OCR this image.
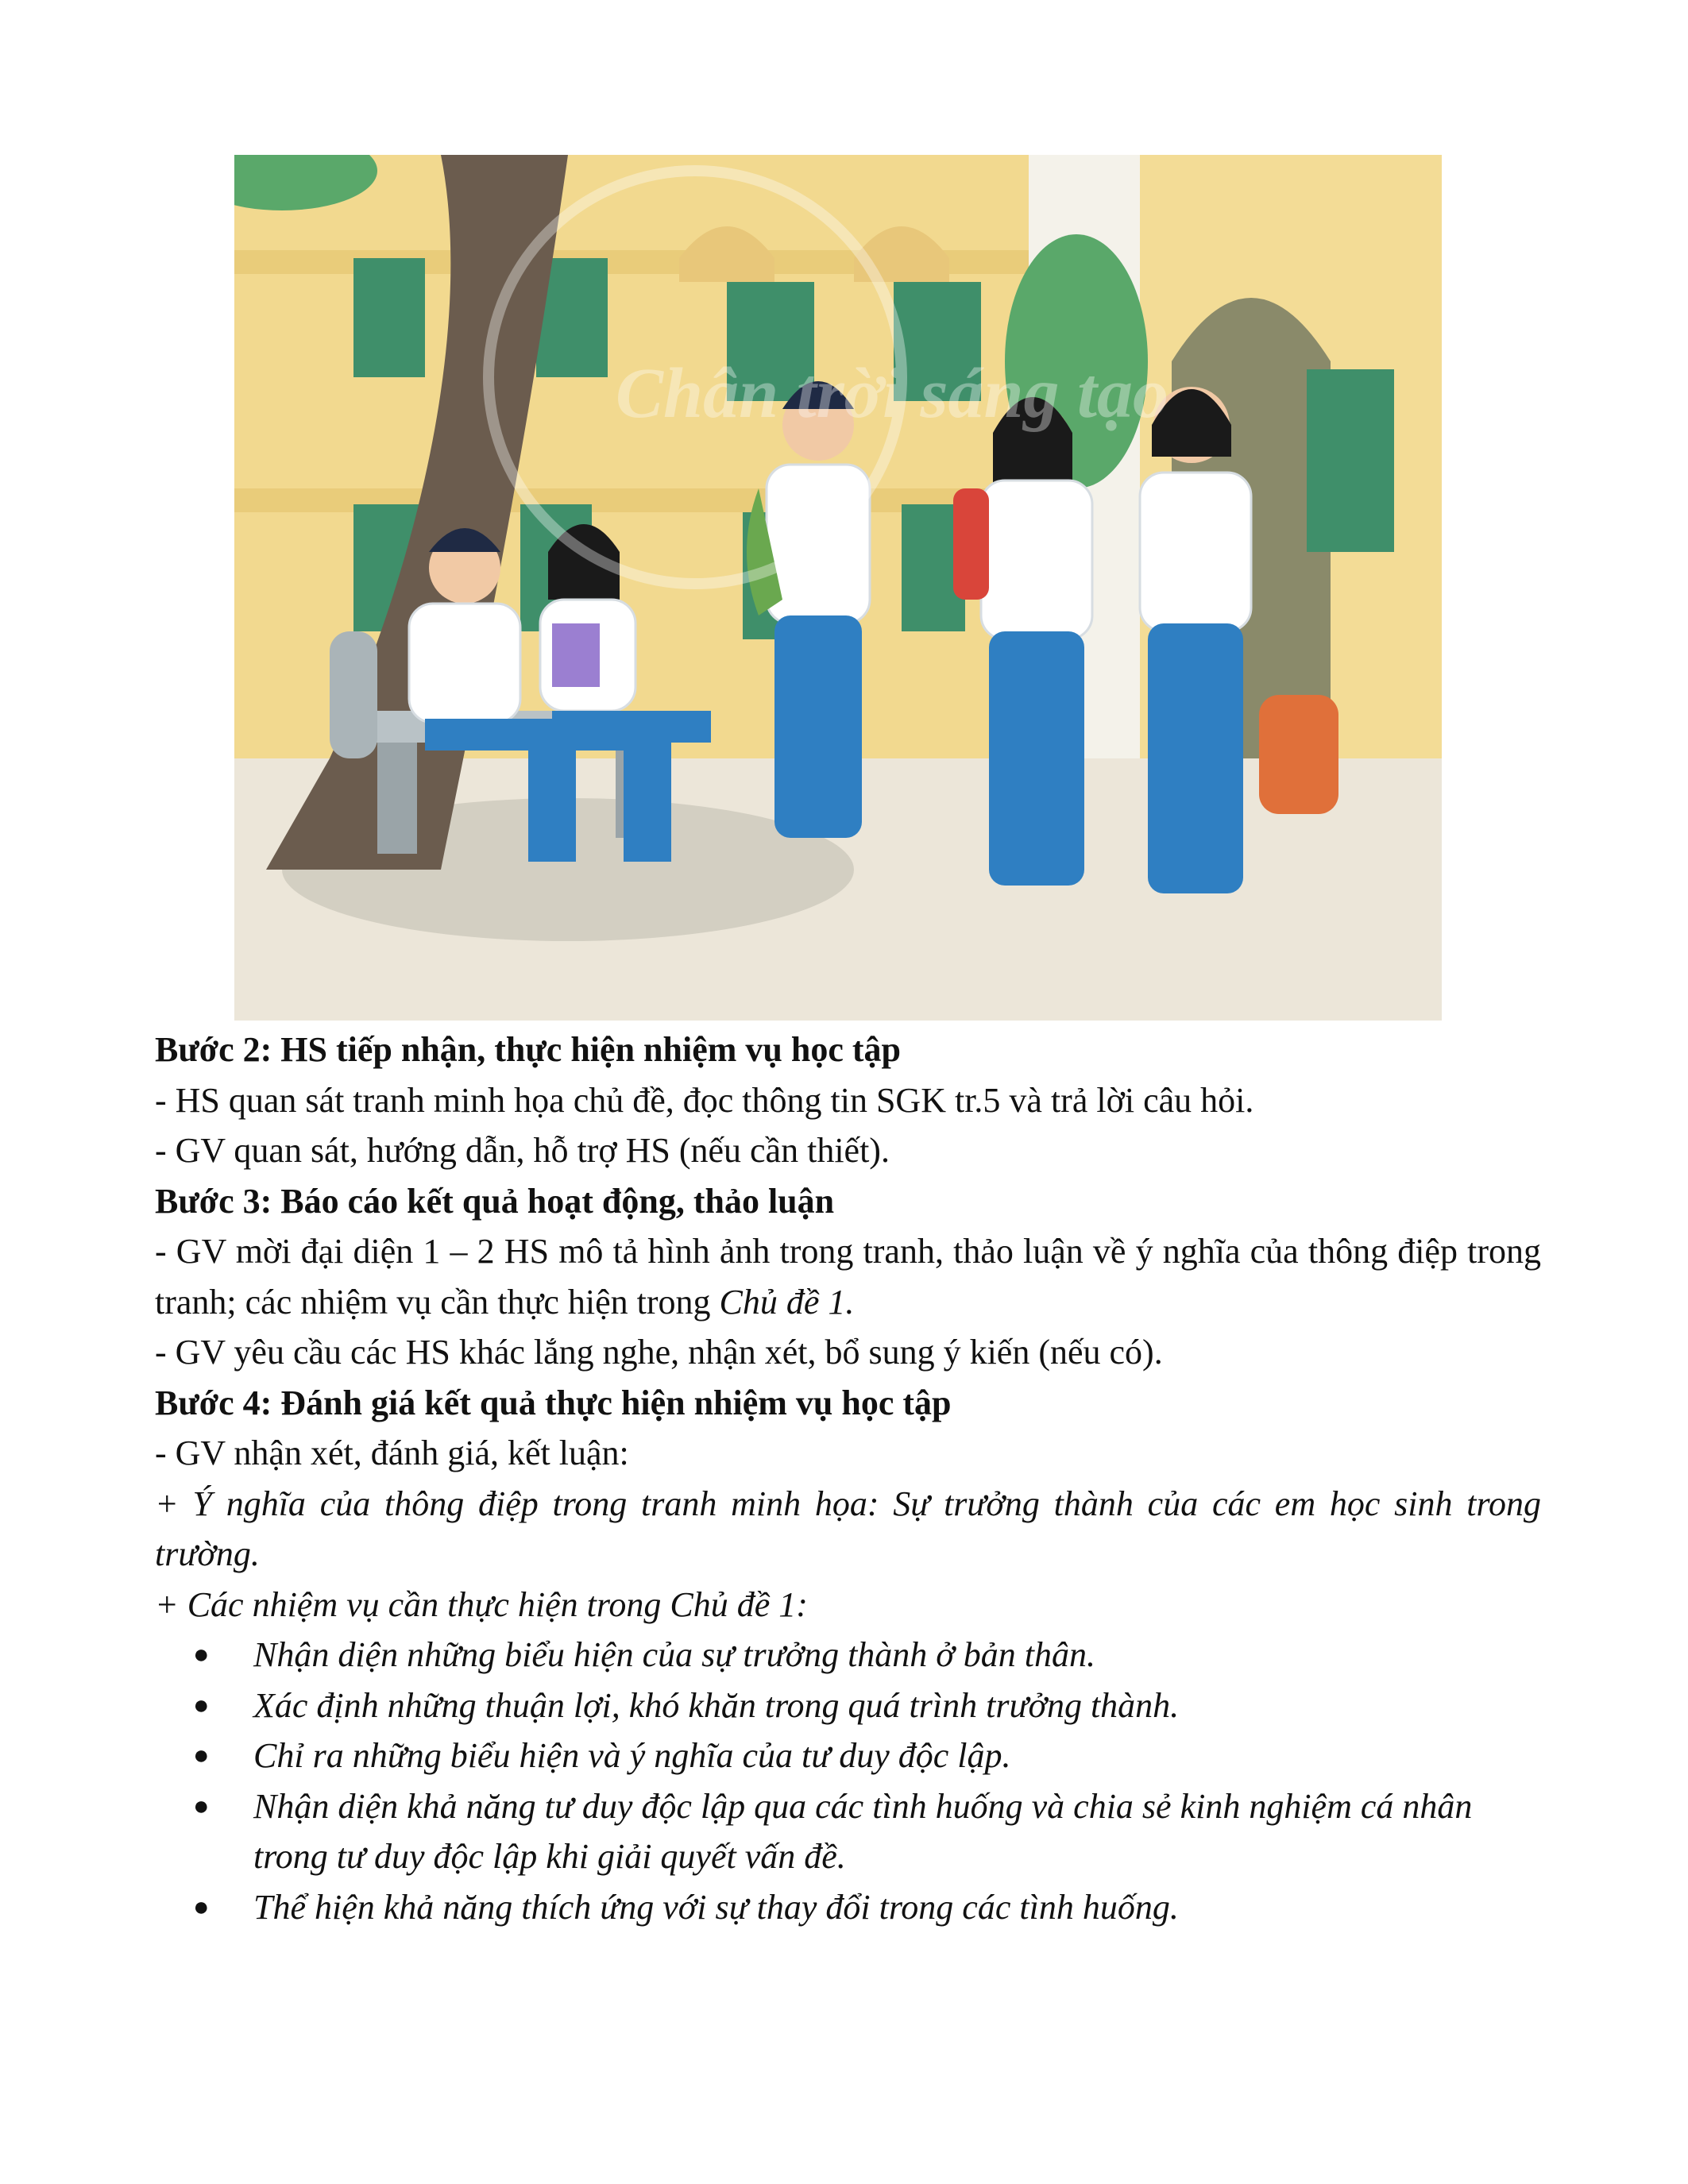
Chân trời sáng tạo
Bước 2: HS tiếp nhận, thực hiện nhiệm vụ học tập
- HS quan sát tranh minh họa chủ đề, đọc thông tin SGK tr.5 và trả lời câu hỏi.
- GV quan sát, hướng dẫn, hỗ trợ HS (nếu cần thiết).
Bước 3: Báo cáo kết quả hoạt động, thảo luận
- GV mời đại diện 1 – 2 HS mô tả hình ảnh trong tranh, thảo luận về ý nghĩa của thông điệp trong tranh; các nhiệm vụ cần thực hiện trong Chủ đề 1.
- GV yêu cầu các HS khác lắng nghe, nhận xét, bổ sung ý kiến (nếu có).
Bước 4: Đánh giá kết quả thực hiện nhiệm vụ học tập
- GV nhận xét, đánh giá, kết luận:
+ Ý nghĩa của thông điệp trong tranh minh họa: Sự trưởng thành của các em học sinh trong trường.
+ Các nhiệm vụ cần thực hiện trong Chủ đề 1:
● Nhận diện những biểu hiện của sự trưởng thành ở bản thân.
● Xác định những thuận lợi, khó khăn trong quá trình trưởng thành.
● Chỉ ra những biểu hiện và ý nghĩa của tư duy độc lập.
● Nhận diện khả năng tư duy độc lập qua các tình huống và chia sẻ kinh nghiệm cá nhân trong tư duy độc lập khi giải quyết vấn đề.
● Thể hiện khả năng thích ứng với sự thay đổi trong các tình huống.
